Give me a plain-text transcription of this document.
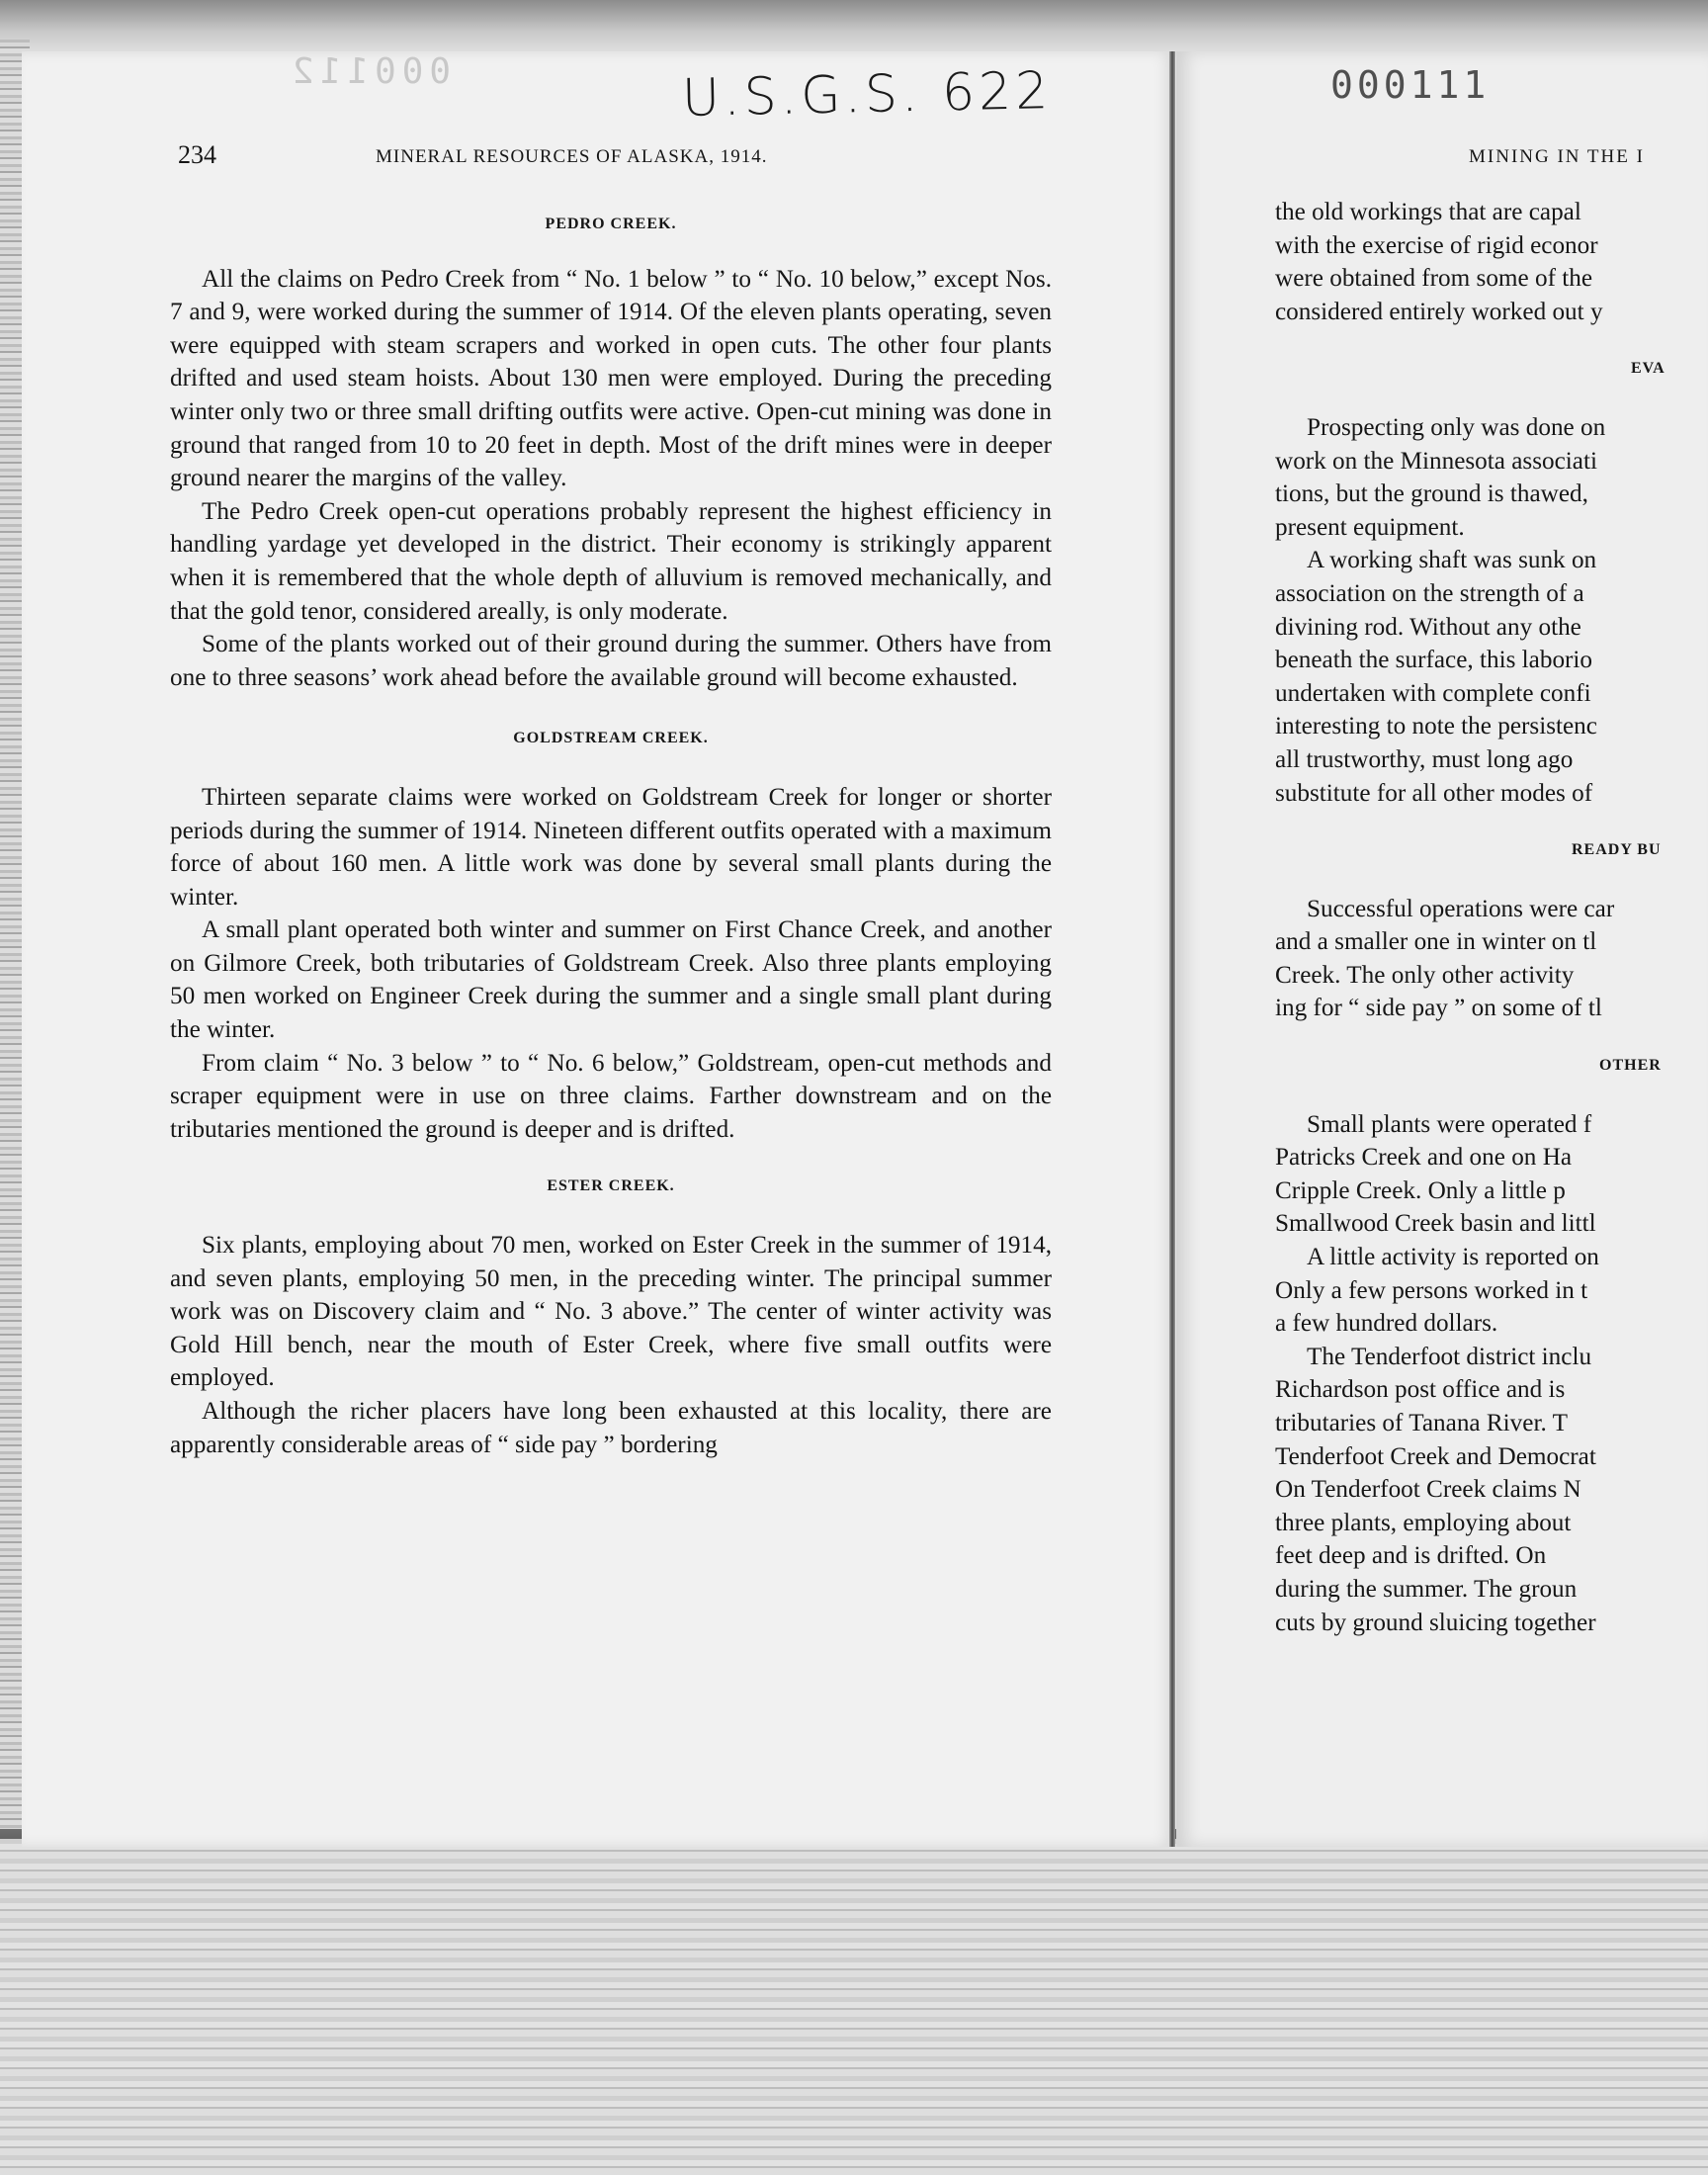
000112	U.S.G.S. 622	000111
234	MINERAL RESOURCES OF ALASKA, 1914.
PEDRO CREEK.

All the claims on Pedro Creek from “ No. 1 below ” to “ No. 10 below,” except Nos. 7 and 9, were worked during the summer of 1914. Of the eleven plants operating, seven were equipped with steam scrapers and worked in open cuts. The other four plants drifted and used steam hoists. About 130 men were employed. During the preceding winter only two or three small drifting outfits were active. Open-cut mining was done in ground that ranged from 10 to 20 feet in depth. Most of the drift mines were in deeper ground nearer the margins of the valley.

The Pedro Creek open-cut operations probably represent the highest efficiency in handling yardage yet developed in the district. Their economy is strikingly apparent when it is remembered that the whole depth of alluvium is removed mechanically, and that the gold tenor, considered areally, is only moderate.

Some of the plants worked out of their ground during the summer. Others have from one to three seasons’ work ahead before the available ground will become exhausted.

GOLDSTREAM CREEK.

Thirteen separate claims were worked on Goldstream Creek for longer or shorter periods during the summer of 1914. Nineteen different outfits operated with a maximum force of about 160 men. A little work was done by several small plants during the winter.

A small plant operated both winter and summer on First Chance Creek, and another on Gilmore Creek, both tributaries of Goldstream Creek. Also three plants employing 50 men worked on Engineer Creek during the summer and a single small plant during the winter.

From claim “ No. 3 below ” to “ No. 6 below,” Goldstream, open-cut methods and scraper equipment were in use on three claims. Farther downstream and on the tributaries mentioned the ground is deeper and is drifted.

ESTER CREEK.

Six plants, employing about 70 men, worked on Ester Creek in the summer of 1914, and seven plants, employing 50 men, in the preceding winter. The principal summer work was on Discovery claim and “ No. 3 above.” The center of winter activity was Gold Hill bench, near the mouth of Ester Creek, where five small outfits were employed.

Although the richer placers have long been exhausted at this locality, there are apparently considerable areas of “ side pay ” bordering

MINING IN THE I

the old workings that are capal

with the exercise of rigid econor

were obtained from some of the

considered entirely worked out y

EVA

Prospecting only was done on

work on the Minnesota associati

tions, but the ground is thawed,

present equipment.

A working shaft was sunk on

association on the strength of a

divining rod. Without any othe

beneath the surface, this laborio

undertaken with complete confi

interesting to note the persistenc

all trustworthy, must long ago

substitute for all other modes of

READY BU

Successful operations were car

and a smaller one in winter on tl

Creek. The only other activity

ing for “ side pay ” on some of tl

OTHER

Small plants were operated f

Patricks Creek and one on Ha

Cripple Creek. Only a little p

Smallwood Creek basin and littl

A little activity is reported on

Only a few persons worked in t

a few hundred dollars.

The Tenderfoot district inclu

Richardson post office and is

tributaries of Tanana River. T

Tenderfoot Creek and Democrat

On Tenderfoot Creek claims N

three plants, employing about

feet deep and is drifted. On

during the summer. The groun

cuts by ground sluicing together
